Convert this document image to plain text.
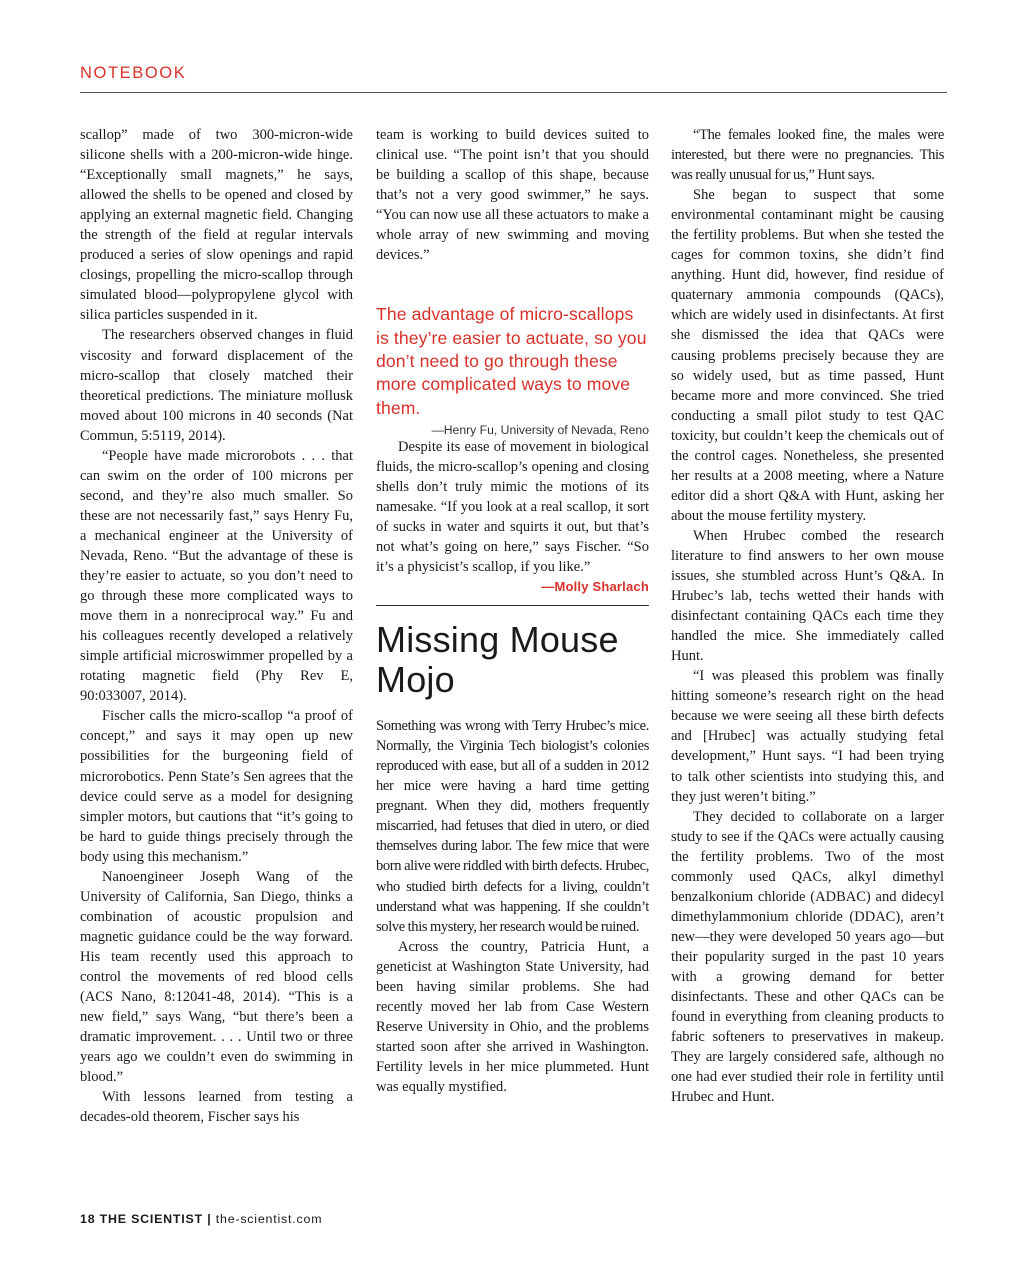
NOTEBOOK

scallop” made of two 300-micron-wide silicone shells with a 200-micron-wide hinge. “Exceptionally small magnets,” he says, allowed the shells to be opened and closed by applying an external magnetic field. Changing the strength of the field at regular intervals produced a series of slow openings and rapid closings, propelling the micro-scallop through simulated blood—polypropylene glycol with silica particles suspended in it.

The researchers observed changes in fluid viscosity and forward displacement of the micro-scallop that closely matched their theoretical predictions. The miniature mollusk moved about 100 microns in 40 seconds (Nat Commun, 5:5119, 2014).

“People have made microrobots . . . that can swim on the order of 100 microns per second, and they’re also much smaller. So these are not necessarily fast,” says Henry Fu, a mechanical engineer at the University of Nevada, Reno. “But the advantage of these is they’re easier to actuate, so you don’t need to go through these more complicated ways to move them in a nonreciprocal way.” Fu and his colleagues recently developed a relatively simple artificial microswimmer propelled by a rotating magnetic field (Phy Rev E, 90:033007, 2014).

Fischer calls the micro-scallop “a proof of concept,” and says it may open up new possibilities for the burgeoning field of microrobotics. Penn State’s Sen agrees that the device could serve as a model for designing simpler motors, but cautions that “it’s going to be hard to guide things precisely through the body using this mechanism.”

Nanoengineer Joseph Wang of the University of California, San Diego, thinks a combination of acoustic propulsion and magnetic guidance could be the way forward. His team recently used this approach to control the movements of red blood cells (ACS Nano, 8:12041-48, 2014). “This is a new field,” says Wang, “but there’s been a dramatic improvement. . . . Until two or three years ago we couldn’t even do swimming in blood.”

With lessons learned from testing a decades-old theorem, Fischer says his

team is working to build devices suited to clinical use. “The point isn’t that you should be building a scallop of this shape, because that’s not a very good swimmer,” he says. “You can now use all these actuators to make a whole array of new swimming and moving devices.”

The advantage of micro-scallops is they’re easier to actuate, so you don’t need to go through these more complicated ways to move them.
—Henry Fu, University of Nevada, Reno

Despite its ease of movement in biological fluids, the micro-scallop’s opening and closing shells don’t truly mimic the motions of its namesake. “If you look at a real scallop, it sort of sucks in water and squirts it out, but that’s not what’s going on here,” says Fischer. “So it’s a physicist’s scallop, if you like.”
—Molly Sharlach

Missing Mouse Mojo

Something was wrong with Terry Hrubec’s mice. Normally, the Virginia Tech biologist’s colonies reproduced with ease, but all of a sudden in 2012 her mice were having a hard time getting pregnant. When they did, mothers frequently miscarried, had fetuses that died in utero, or died themselves during labor. The few mice that were born alive were riddled with birth defects. Hrubec, who studied birth defects for a living, couldn’t understand what was happening. If she couldn’t solve this mystery, her research would be ruined.

Across the country, Patricia Hunt, a geneticist at Washington State University, had been having similar problems. She had recently moved her lab from Case Western Reserve University in Ohio, and the problems started soon after she arrived in Washington. Fertility levels in her mice plummeted. Hunt was equally mystified.

“The females looked fine, the males were interested, but there were no pregnancies. This was really unusual for us,” Hunt says.

She began to suspect that some environmental contaminant might be causing the fertility problems. But when she tested the cages for common toxins, she didn’t find anything. Hunt did, however, find residue of quaternary ammonia compounds (QACs), which are widely used in disinfectants. At first she dismissed the idea that QACs were causing problems precisely because they are so widely used, but as time passed, Hunt became more and more convinced. She tried conducting a small pilot study to test QAC toxicity, but couldn’t keep the chemicals out of the control cages. Nonetheless, she presented her results at a 2008 meeting, where a Nature editor did a short Q&A with Hunt, asking her about the mouse fertility mystery.

When Hrubec combed the research literature to find answers to her own mouse issues, she stumbled across Hunt’s Q&A. In Hrubec’s lab, techs wetted their hands with disinfectant containing QACs each time they handled the mice. She immediately called Hunt.

“I was pleased this problem was finally hitting someone’s research right on the head because we were seeing all these birth defects and [Hrubec] was actually studying fetal development,” Hunt says. “I had been trying to talk other scientists into studying this, and they just weren’t biting.”

They decided to collaborate on a larger study to see if the QACs were actually causing the fertility problems. Two of the most commonly used QACs, alkyl dimethyl benzalkonium chloride (ADBAC) and didecyl dimethylammonium chloride (DDAC), aren’t new—they were developed 50 years ago—but their popularity surged in the past 10 years with a growing demand for better disinfectants. These and other QACs can be found in everything from cleaning products to fabric softeners to preservatives in makeup. They are largely considered safe, although no one had ever studied their role in fertility until Hrubec and Hunt.

18 THE SCIENTIST | the-scientist.com
